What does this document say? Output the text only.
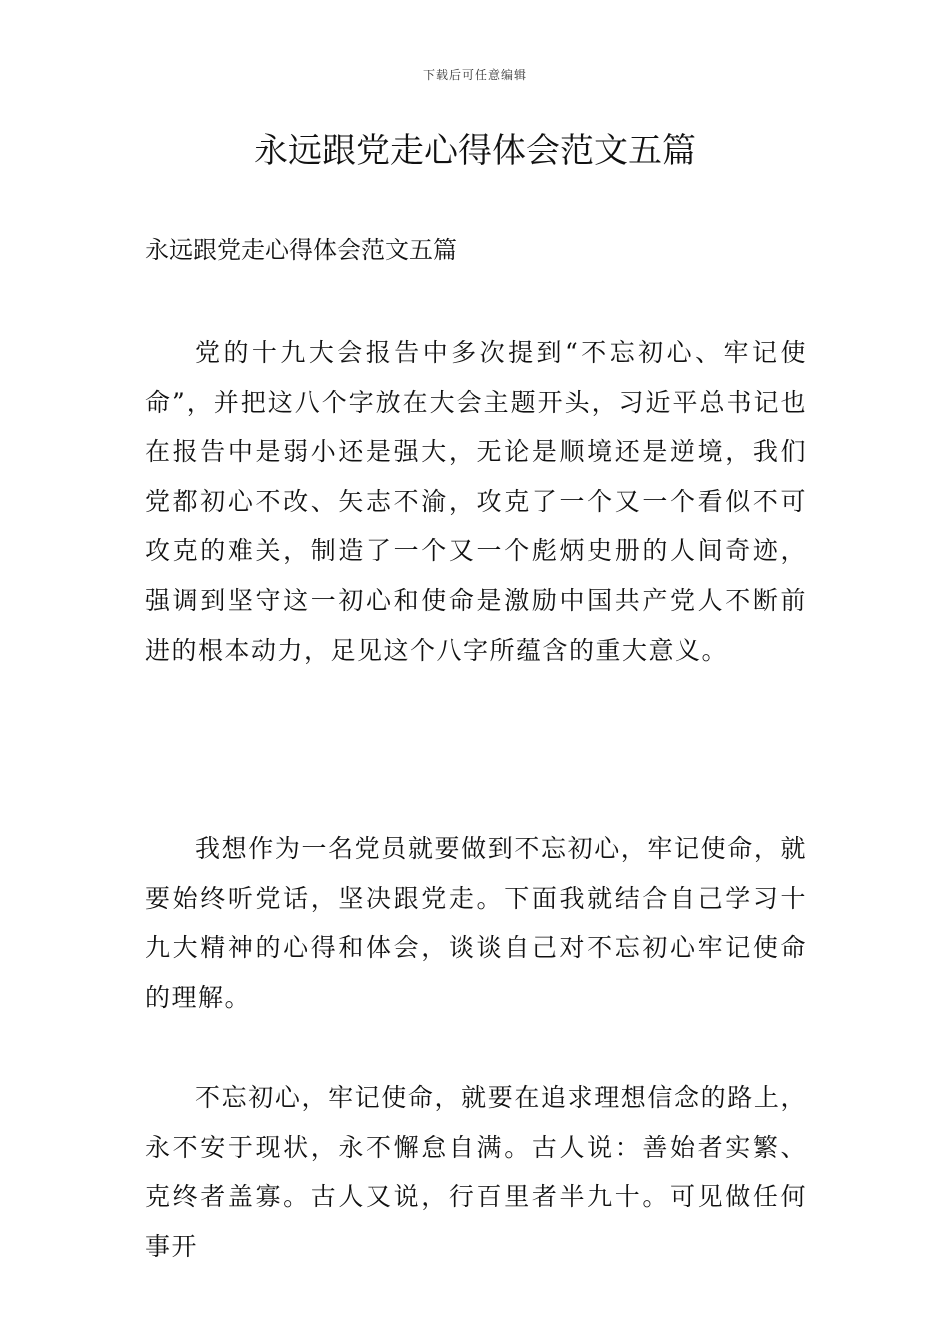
下载后可任意编辑
永远跟党走心得体会范文五篇

永远跟党走心得体会范文五篇

党的十九大会报告中多次提到“不忘初心、牢记使命”，并把这八个字放在大会主题开头，习近平总书记也在报告中是弱小还是强大，无论是顺境还是逆境，我们党都初心不改、矢志不渝，攻克了一个又一个看似不可攻克的难关，制造了一个又一个彪炳史册的人间奇迹，强调到坚守这一初心和使命是激励中国共产党人不断前进的根本动力，足见这个八字所蕴含的重大意义。

我想作为一名党员就要做到不忘初心，牢记使命，就要始终听党话，坚决跟党走。下面我就结合自己学习十九大精神的心得和体会，谈谈自己对不忘初心牢记使命的理解。

不忘初心，牢记使命，就要在追求理想信念的路上，永不安于现状，永不懈怠自满。古人说：善始者实繁、克终者盖寡。古人又说，行百里者半九十。可见做任何事开
